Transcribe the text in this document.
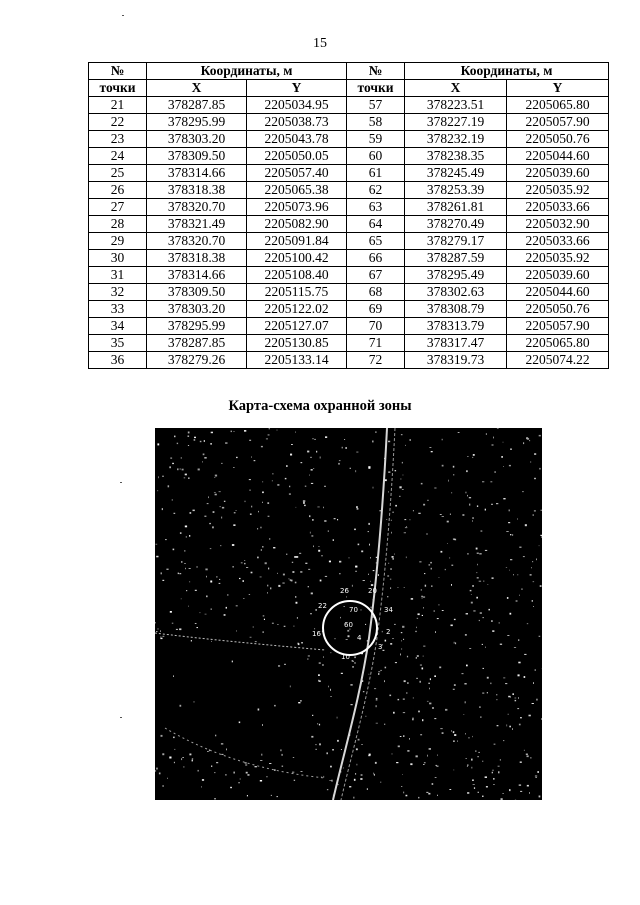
15
№	Координаты, м		№	Координаты, м	
точки	X	Y	точки	X	Y
21	378287.85	2205034.95	57	378223.51	2205065.80
22	378295.99	2205038.73	58	378227.19	2205057.90
23	378303.20	2205043.78	59	378232.19	2205050.76
24	378309.50	2205050.05	60	378238.35	2205044.60
25	378314.66	2205057.40	61	378245.49	2205039.60
26	378318.38	2205065.38	62	378253.39	2205035.92
27	378320.70	2205073.96	63	378261.81	2205033.66
28	378321.49	2205082.90	64	378270.49	2205032.90
29	378320.70	2205091.84	65	378279.17	2205033.66
30	378318.38	2205100.42	66	378287.59	2205035.92
31	378314.66	2205108.40	67	378295.49	2205039.60
32	378309.50	2205115.75	68	378302.63	2205044.60
33	378303.20	2205122.02	69	378308.79	2205050.76
34	378295.99	2205127.07	70	378313.79	2205057.90
35	378287.85	2205130.85	71	378317.47	2205065.80
36	378279.26	2205133.14	72	378319.73	2205074.22
Карта-схема охранной зоны
26	20
22	70	34
60
2
16	4
10
3
